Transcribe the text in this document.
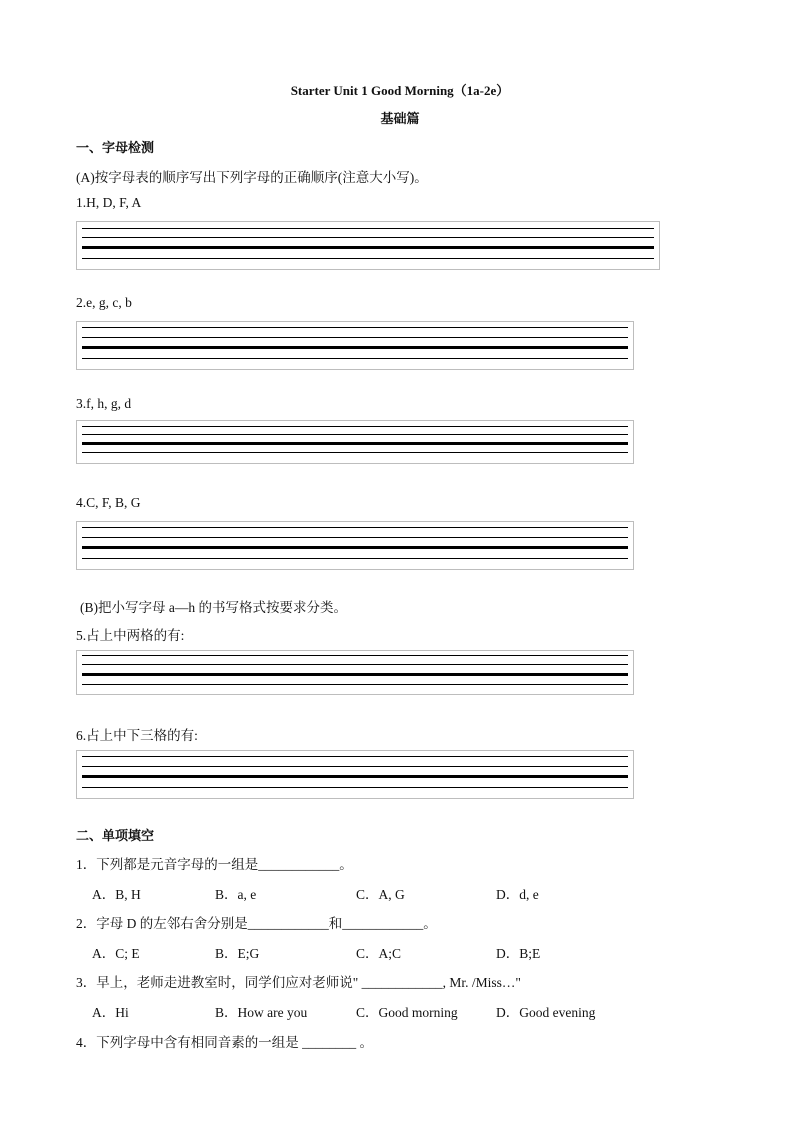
Starter Unit 1 Good Morning（1a-2e）
基础篇
一、字母检测
(A)按字母表的顺序写出下列字母的正确顺序(注意大小写)。
1.H, D, F, A
2.e, g, c, b
3.f, h, g, d
4.C, F, B, G
(B)把小写字母 a—h 的书写格式按要求分类。
5.占上中两格的有:
6.占上中下三格的有:
二、单项填空
1．下列都是元音字母的一组是____________。
A．B, H	B．a, e	C．A, G	D．d, e
2．字母 D 的左邻右舍分别是____________和____________。
A．C; E	B．E;G	C．A;C	D．B;E
3．早上，老师走进教室时，同学们应对老师说" ____________, Mr. /Miss…"
A．Hi	B．How are you	C．Good morning	D．Good evening
4．下列字母中含有相同音素的一组是 ________ 。
